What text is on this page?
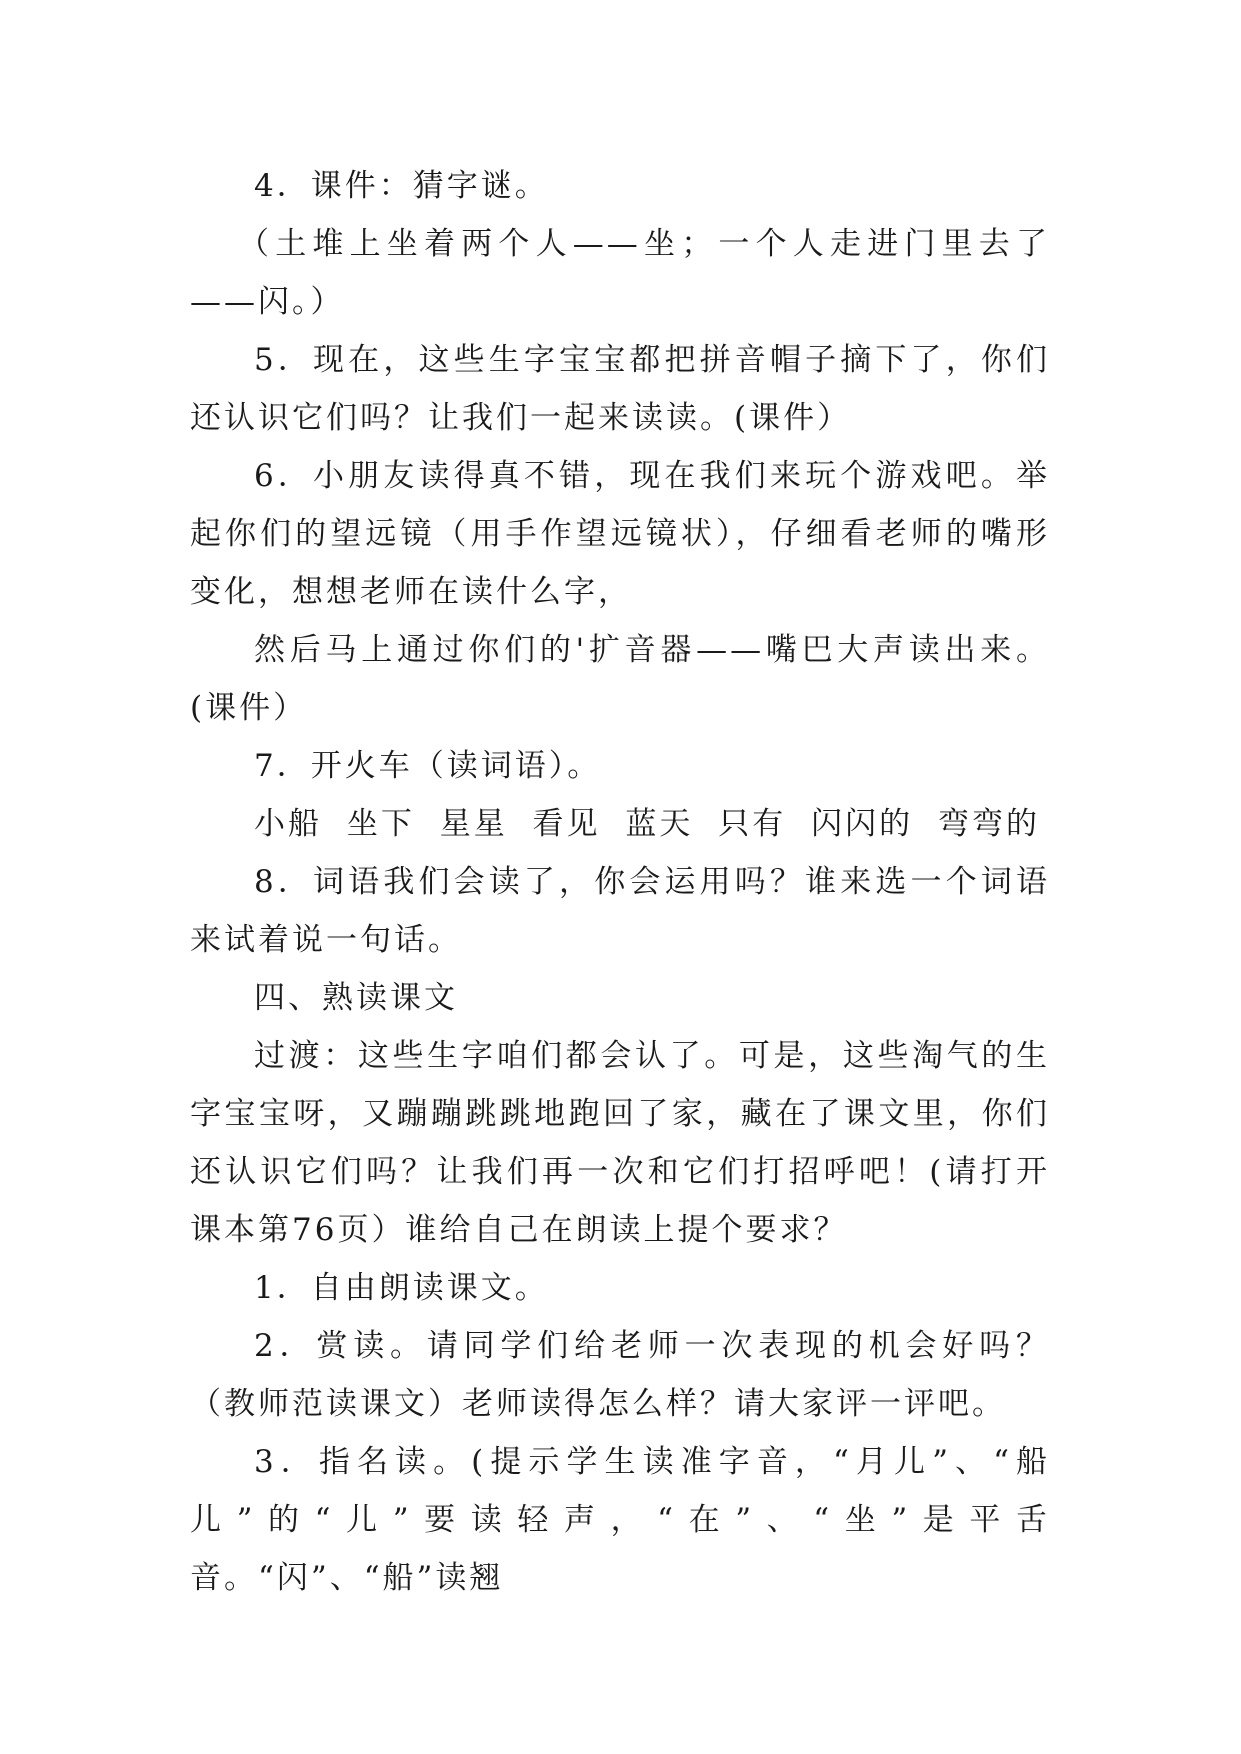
4．课件：猜字谜。

（土堆上坐着两个人——坐；一个人走进门里去了——闪。）

5．现在，这些生字宝宝都把拼音帽子摘下了，你们还认识它们吗？让我们一起来读读。(课件）

6．小朋友读得真不错，现在我们来玩个游戏吧。举起你们的望远镜（用手作望远镜状），仔细看老师的嘴形变化，想想老师在读什么字，

然后马上通过你们的'扩音器——嘴巴大声读出来。(课件）

7．开火车（读词语）。

小船 坐下 星星 看见 蓝天 只有 闪闪的 弯弯的

8．词语我们会读了，你会运用吗？谁来选一个词语来试着说一句话。

四、熟读课文

过渡：这些生字咱们都会认了。可是，这些淘气的生字宝宝呀，又蹦蹦跳跳地跑回了家，藏在了课文里，你们还认识它们吗？让我们再一次和它们打招呼吧！(请打开课本第76页）谁给自己在朗读上提个要求？

1．自由朗读课文。

2．赏读。请同学们给老师一次表现的机会好吗？（教师范读课文）老师读得怎么样？请大家评一评吧。

3．指名读。(提示学生读准字音，“月儿”、“船儿”的“儿”要读轻声，“在”、“坐”是平舌音。“闪”、“船”读翘
